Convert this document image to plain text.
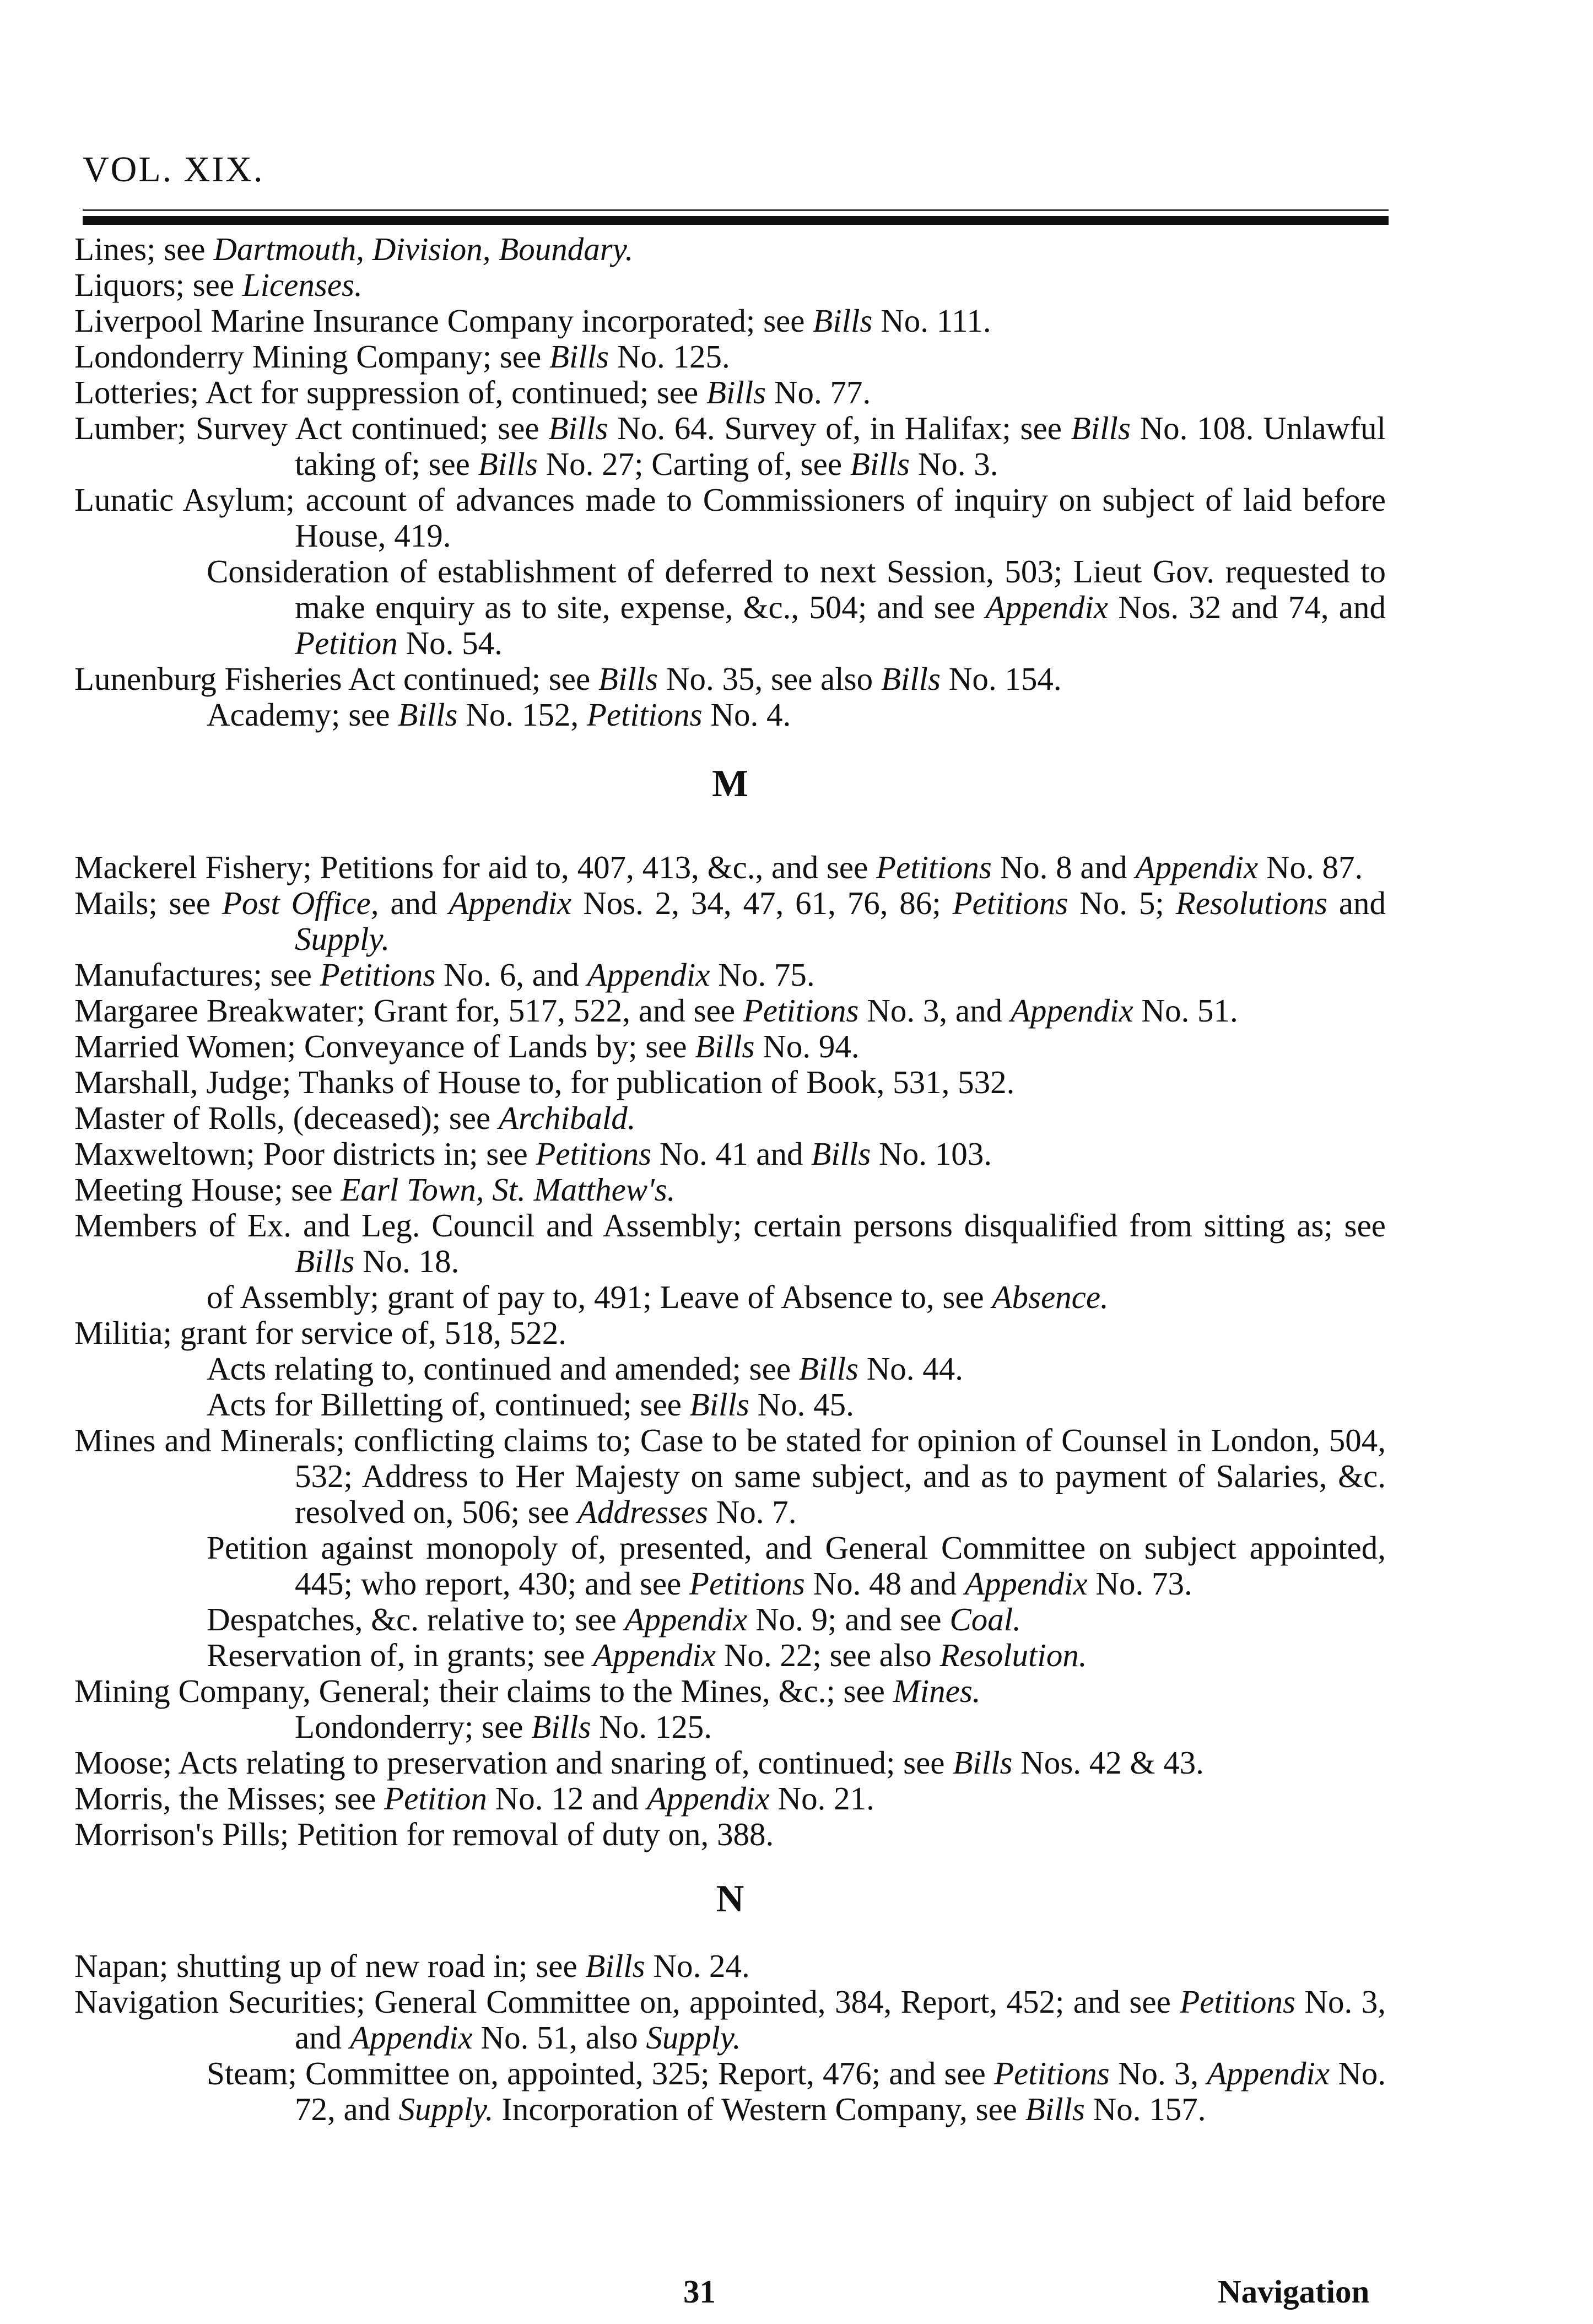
VOL. XIX.

Lines; see Dartmouth, Division, Boundary.

Liquors; see Licenses.

Liverpool Marine Insurance Company incorporated; see Bills No. 111.

Londonderry Mining Company; see Bills No. 125.

Lotteries; Act for suppression of, continued; see Bills No. 77.

Lumber; Survey Act continued; see Bills No. 64. Survey of, in Halifax; see Bills No. 108. Unlawful taking of; see Bills No. 27; Carting of, see Bills No. 3.

Lunatic Asylum; account of advances made to Commissioners of inquiry on subject of laid before House, 419.

Consideration of establishment of deferred to next Session, 503; Lieut Gov. requested to make enquiry as to site, expense, &c., 504; and see Appendix Nos. 32 and 74, and Petition No. 54.

Lunenburg Fisheries Act continued; see Bills No. 35, see also Bills No. 154.

Academy; see Bills No. 152, Petitions No. 4.

M

Mackerel Fishery; Petitions for aid to, 407, 413, &c., and see Petitions No. 8 and Appendix No. 87.

Mails; see Post Office, and Appendix Nos. 2, 34, 47, 61, 76, 86; Petitions No. 5; Resolutions and Supply.

Manufactures; see Petitions No. 6, and Appendix No. 75.

Margaree Breakwater; Grant for, 517, 522, and see Petitions No. 3, and Appendix No. 51.

Married Women; Conveyance of Lands by; see Bills No. 94.

Marshall, Judge; Thanks of House to, for publication of Book, 531, 532.

Master of Rolls, (deceased); see Archibald.

Maxweltown; Poor districts in; see Petitions No. 41 and Bills No. 103.

Meeting House; see Earl Town, St. Matthew's.

Members of Ex. and Leg. Council and Assembly; certain persons disqualified from sitting as; see Bills No. 18.

of Assembly; grant of pay to, 491; Leave of Absence to, see Absence.

Militia; grant for service of, 518, 522.

Acts relating to, continued and amended; see Bills No. 44.

Acts for Billetting of, continued; see Bills No. 45.

Mines and Minerals; conflicting claims to; Case to be stated for opinion of Counsel in London, 504, 532; Address to Her Majesty on same subject, and as to payment of Salaries, &c. resolved on, 506; see Addresses No. 7.

Petition against monopoly of, presented, and General Committee on subject appointed, 445; who report, 430; and see Petitions No. 48 and Appendix No. 73.

Despatches, &c. relative to; see Appendix No. 9; and see Coal.

Reservation of, in grants; see Appendix No. 22; see also Resolution.

Mining Company, General; their claims to the Mines, &c.; see Mines.

Londonderry; see Bills No. 125.

Moose; Acts relating to preservation and snaring of, continued; see Bills Nos. 42 & 43.

Morris, the Misses; see Petition No. 12 and Appendix No. 21.

Morrison's Pills; Petition for removal of duty on, 388.

N

Napan; shutting up of new road in; see Bills No. 24.

Navigation Securities; General Committee on, appointed, 384, Report, 452; and see Petitions No. 3, and Appendix No. 51, also Supply.

Steam; Committee on, appointed, 325; Report, 476; and see Petitions No. 3, Appendix No. 72, and Supply. Incorporation of Western Company, see Bills No. 157.

31	Navigation
